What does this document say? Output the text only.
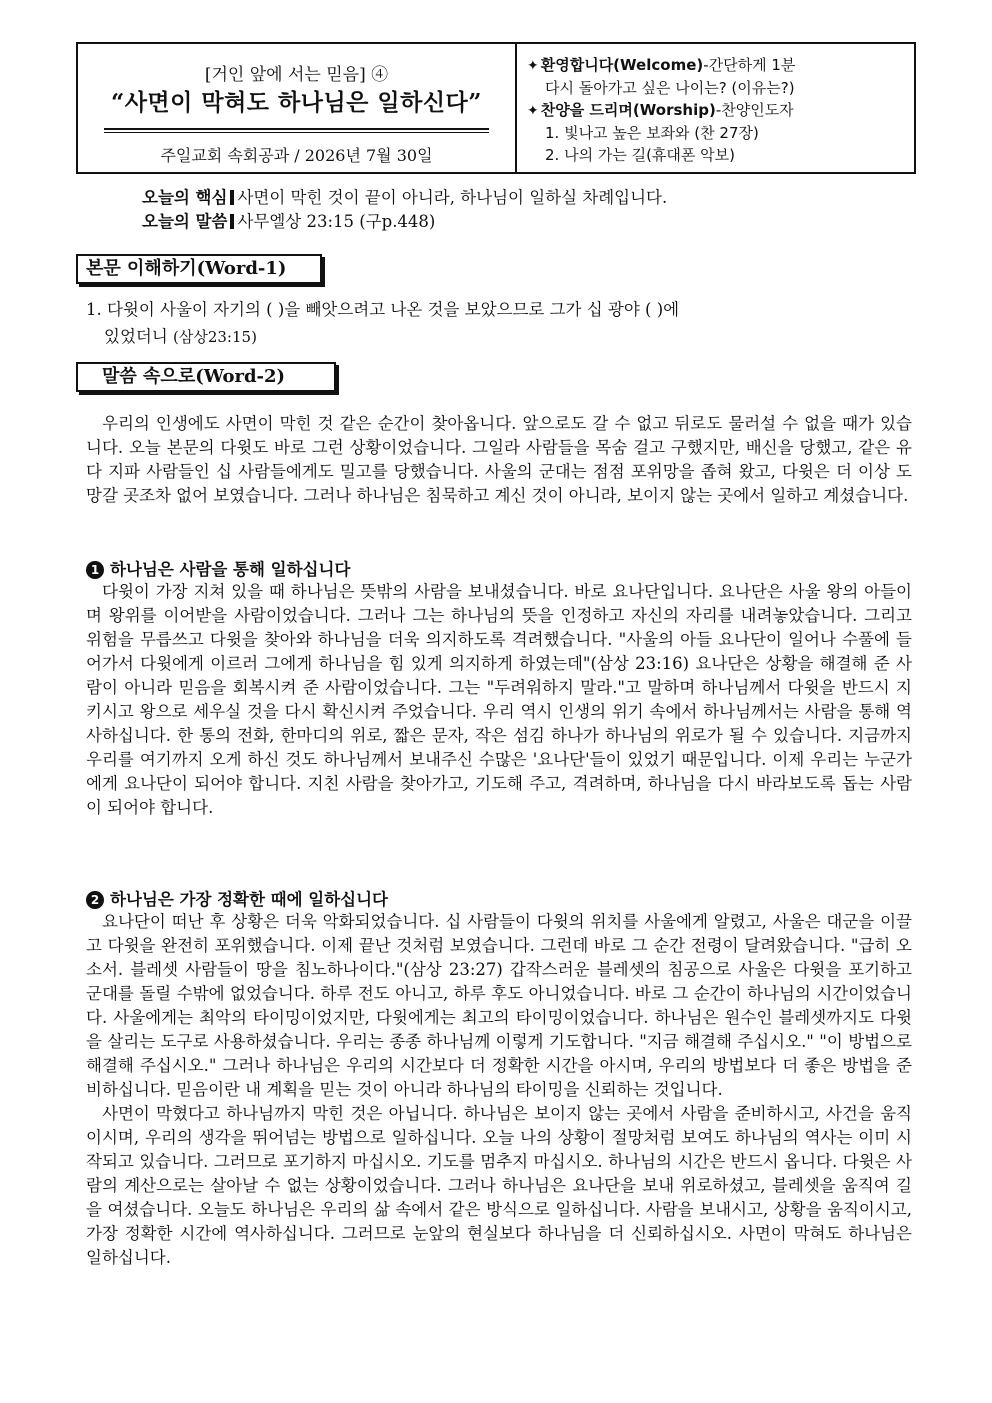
[거인 앞에 서는 믿음] ④
“사면이 막혀도 하나님은 일하신다”
주일교회 속회공과 / 2026년 7월 30일
✦ 환영합니다(Welcome)-간단하게 1분
다시 돌아가고 싶은 나이는? (이유는?)
✦ 찬양을 드리며(Worship)-찬양인도자
1. 빛나고 높은 보좌와 (찬 27장)
2. 나의 가는 길(휴대폰 악보)
오늘의 핵심 사면이 막힌 것이 끝이 아니라, 하나님이 일하실 차례입니다.
오늘의 말씀 사무엘상 23:15 (구p.448)
본문 이해하기(Word-1)
1. 다윗이 사울이 자기의 ( )을 빼앗으려고 나온 것을 보았으므로 그가 십 광야 ( )에
있었더니 (삼상23:15)
말씀 속으로(Word-2)

우리의 인생에도 사면이 막힌 것 같은 순간이 찾아옵니다. 앞으로도 갈 수 없고 뒤로도 물러설 수 없을 때가 있습니다. 오늘 본문의 다윗도 바로 그런 상황이었습니다. 그일라 사람들을 목숨 걸고 구했지만, 배신을 당했고, 같은 유다 지파 사람들인 십 사람들에게도 밀고를 당했습니다. 사울의 군대는 점점 포위망을 좁혀 왔고, 다윗은 더 이상 도망갈 곳조차 없어 보였습니다. 그러나 하나님은 침묵하고 계신 것이 아니라, 보이지 않는 곳에서 일하고 계셨습니다.

1 하나님은 사람을 통해 일하십니다

다윗이 가장 지쳐 있을 때 하나님은 뜻밖의 사람을 보내셨습니다. 바로 요나단입니다. 요나단은 사울 왕의 아들이며 왕위를 이어받을 사람이었습니다. 그러나 그는 하나님의 뜻을 인정하고 자신의 자리를 내려놓았습니다. 그리고 위험을 무릅쓰고 다윗을 찾아와 하나님을 더욱 의지하도록 격려했습니다. "사울의 아들 요나단이 일어나 수풀에 들어가서 다윗에게 이르러 그에게 하나님을 힘 있게 의지하게 하였는데"(삼상 23:16) 요나단은 상황을 해결해 준 사람이 아니라 믿음을 회복시켜 준 사람이었습니다. 그는 "두려워하지 말라."고 말하며 하나님께서 다윗을 반드시 지키시고 왕으로 세우실 것을 다시 확신시켜 주었습니다. 우리 역시 인생의 위기 속에서 하나님께서는 사람을 통해 역사하십니다. 한 통의 전화, 한마디의 위로, 짧은 문자, 작은 섬김 하나가 하나님의 위로가 될 수 있습니다. 지금까지 우리를 여기까지 오게 하신 것도 하나님께서 보내주신 수많은 '요나단'들이 있었기 때문입니다. 이제 우리는 누군가에게 요나단이 되어야 합니다. 지친 사람을 찾아가고, 기도해 주고, 격려하며, 하나님을 다시 바라보도록 돕는 사람이 되어야 합니다.

2 하나님은 가장 정확한 때에 일하십니다

요나단이 떠난 후 상황은 더욱 악화되었습니다. 십 사람들이 다윗의 위치를 사울에게 알렸고, 사울은 대군을 이끌고 다윗을 완전히 포위했습니다. 이제 끝난 것처럼 보였습니다. 그런데 바로 그 순간 전령이 달려왔습니다. "급히 오소서. 블레셋 사람들이 땅을 침노하나이다."(삼상 23:27) 갑작스러운 블레셋의 침공으로 사울은 다윗을 포기하고 군대를 돌릴 수밖에 없었습니다. 하루 전도 아니고, 하루 후도 아니었습니다. 바로 그 순간이 하나님의 시간이었습니다. 사울에게는 최악의 타이밍이었지만, 다윗에게는 최고의 타이밍이었습니다. 하나님은 원수인 블레셋까지도 다윗을 살리는 도구로 사용하셨습니다. 우리는 종종 하나님께 이렇게 기도합니다. "지금 해결해 주십시오." "이 방법으로 해결해 주십시오." 그러나 하나님은 우리의 시간보다 더 정확한 시간을 아시며, 우리의 방법보다 더 좋은 방법을 준비하십니다. 믿음이란 내 계획을 믿는 것이 아니라 하나님의 타이밍을 신뢰하는 것입니다.

사면이 막혔다고 하나님까지 막힌 것은 아닙니다. 하나님은 보이지 않는 곳에서 사람을 준비하시고, 사건을 움직이시며, 우리의 생각을 뛰어넘는 방법으로 일하십니다. 오늘 나의 상황이 절망처럼 보여도 하나님의 역사는 이미 시작되고 있습니다. 그러므로 포기하지 마십시오. 기도를 멈추지 마십시오. 하나님의 시간은 반드시 옵니다. 다윗은 사람의 계산으로는 살아날 수 없는 상황이었습니다. 그러나 하나님은 요나단을 보내 위로하셨고, 블레셋을 움직여 길을 여셨습니다. 오늘도 하나님은 우리의 삶 속에서 같은 방식으로 일하십니다. 사람을 보내시고, 상황을 움직이시고, 가장 정확한 시간에 역사하십니다. 그러므로 눈앞의 현실보다 하나님을 더 신뢰하십시오. 사면이 막혀도 하나님은 일하십니다.
